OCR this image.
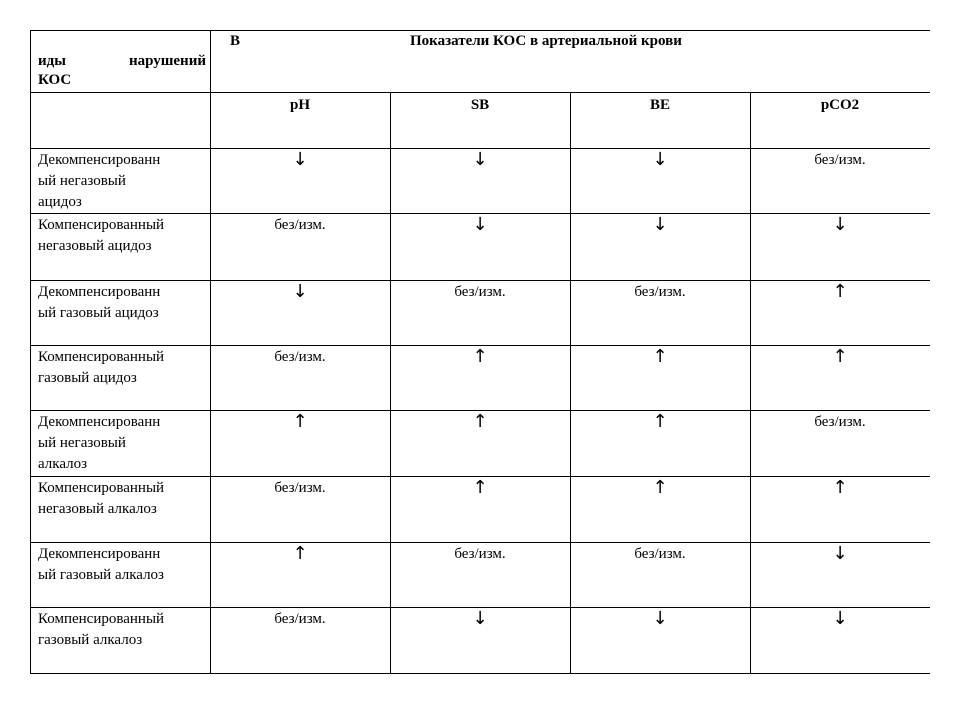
иды	нарушений
КОС
В	Показатели КОС в артериальной крови
pH	SB	BE	pCO2
Декомпенсированн
ый негазовый
ацидоз
↓	↓	↓	без/изм.
Компенсированный
негазовый ацидоз
без/изм.	↓	↓	↓
Декомпенсированн
ый газовый ацидоз
↓	без/изм.	без/изм.	↑
Компенсированный
газовый ацидоз
без/изм.	↑	↑	↑
Декомпенсированн
ый негазовый
алкалоз
↑	↑	↑	без/изм.
Компенсированный
негазовый алкалоз
без/изм.	↑	↑	↑
Декомпенсированн
ый газовый алкалоз
↑	без/изм.	без/изм.	↓
Компенсированный
газовый алкалоз
без/изм.	↓	↓	↓
